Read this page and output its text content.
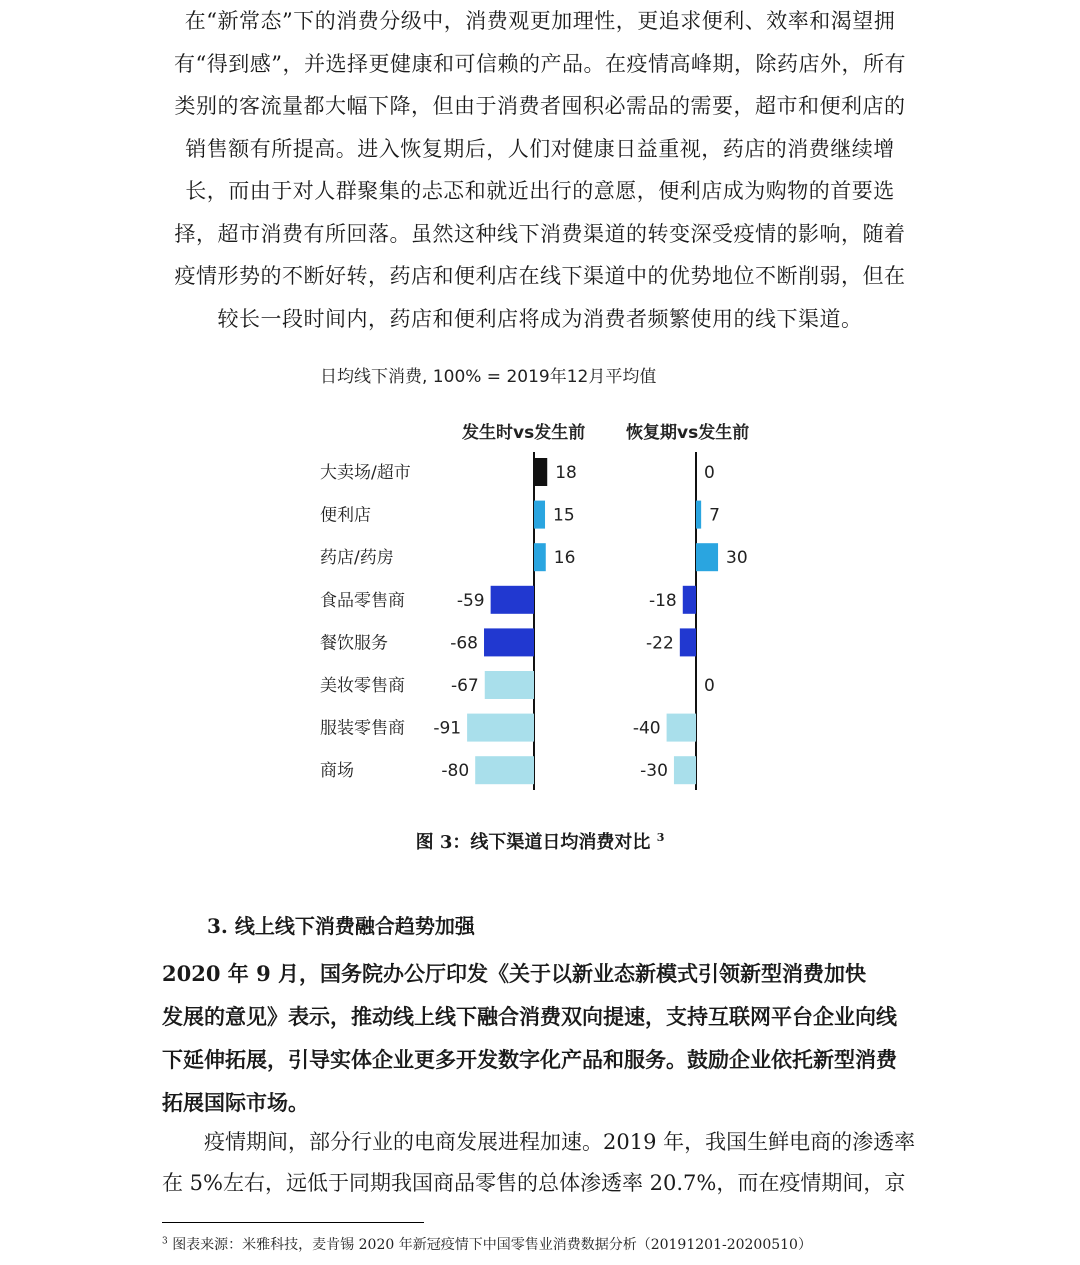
在“新常态”下的消费分级中，消费观更加理性，更追求便利、效率和渴望拥
有“得到感”，并选择更健康和可信赖的产品。在疫情高峰期，除药店外，所有
类别的客流量都大幅下降，但由于消费者囤积必需品的需要，超市和便利店的
销售额有所提高。进入恢复期后，人们对健康日益重视，药店的消费继续增
长，而由于对人群聚集的忐忑和就近出行的意愿，便利店成为购物的首要选
择，超市消费有所回落。虽然这种线下消费渠道的转变深受疫情的影响，随着
疫情形势的不断好转，药店和便利店在线下渠道中的优势地位不断削弱，但在
较长一段时间内，药店和便利店将成为消费者频繁使用的线下渠道。
日均线下消费, 100% = 2019年12月平均值
发生时vs发生前 恢复期vs发生前
大卖场/超市	18	0
便利店	15	7
药店/药房	16	30
食品零售商	-59	-18
餐饮服务	-68	-22
美妆零售商	-67	0
服装零售商 -91	-40
商场	-80	-30
图 3：线下渠道日均消费对比 $^3$
3. 线上线下消费融合趋势加强
2020 年 9 月，国务院办公厅印发《关于以新业态新模式引领新型消费加快
发展的意见》表示，推动线上线下融合消费双向提速，支持互联网平台企业向线
下延伸拓展，引导实体企业更多开发数字化产品和服务。鼓励企业依托新型消费
拓展国际市场。
　　疫情期间，部分行业的电商发展进程加速。2019 年，我国生鲜电商的渗透率
在 5%左右，远低于同期我国商品零售的总体渗透率 20.7%，而在疫情期间，京
$^3$ 图表来源：米雅科技，麦肯锡 2020 年新冠疫情下中国零售业消费数据分析（20191201-20200510）
